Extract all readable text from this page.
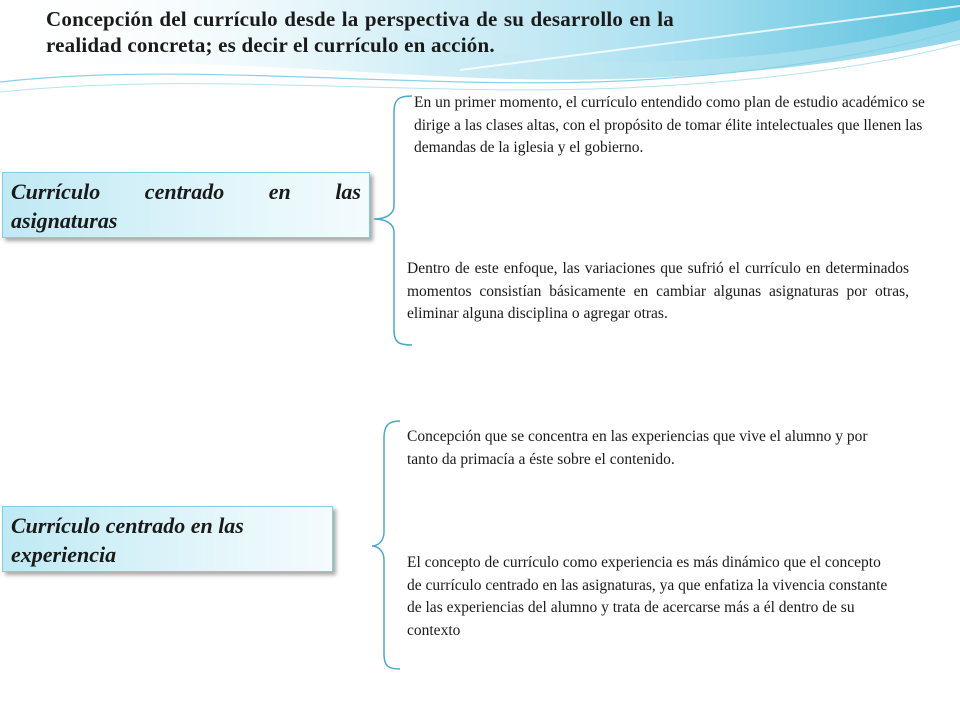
Concepción del currículo desde la perspectiva de su desarrollo en la realidad concreta; es decir el currículo en acción.
Currículo centrado en las
asignaturas
Currículo centrado en las
experiencia
En un primer momento, el currículo entendido como plan de estudio académico se dirige a las clases altas, con el propósito de tomar élite intelectuales que llenen las demandas de la iglesia y el gobierno.
Dentro de este enfoque, las variaciones que sufrió el currículo en determinados momentos consistían básicamente en cambiar algunas asignaturas por otras, eliminar alguna disciplina o agregar otras.
Concepción que se concentra en las experiencias que vive el alumno y por tanto da primacía a éste sobre el contenido.
El concepto de currículo como experiencia es más dinámico que el concepto de currículo centrado en las asignaturas, ya que enfatiza la vivencia constante de las experiencias del alumno y trata de acercarse más a él dentro de su contexto
